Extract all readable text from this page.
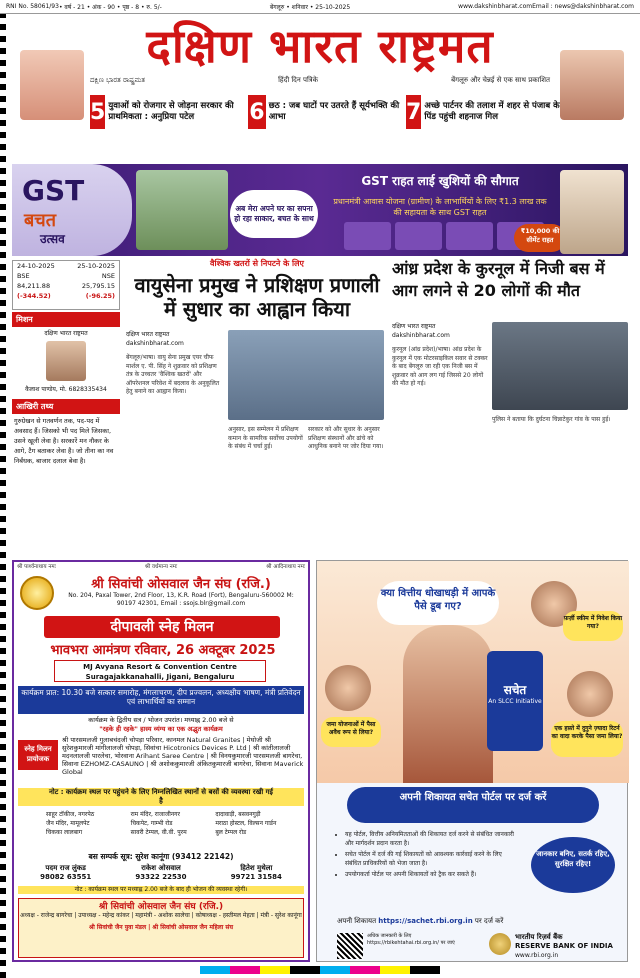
RNI No. 58061/93 • वर्ष - 21 • अंक - 90 • पृष्ठ - 8 • रु. 5/-	बेंगलूरु • शनिवार • 25-10-2025	www.dakshinbharat.com Email : news@dakshinbharat.com
दक्षिण भारत राष्ट्रमत
ದಕ್ಷಿಣ ಭಾರತ ರಾಷ್ಟ್ರಮತ	हिंदी दिन पत्रिके	बेंगलूरु और चेन्नई से एक साथ प्रकाशित
5 युवाओं को रोजगार से जोड़ना सरकार की प्राथमिकता : अनुप्रिया पटेल	6 छठ : जब घाटों पर उतरते हैं सूर्यभक्ति की आभा	7 अच्छे पार्टनर की तलाश में शहर से पंजाब के पिंड पहुंची शहनाज गिल
GST
बचत
उत्सव
अब मेरा अपने घर का सपना हो रहा साकार, बचत के साथ
GST राहत लाई खुशियों की सौगात
प्रधानमंत्री आवास योजना (ग्रामीण) के लाभार्थियों के लिए ₹1.3 लाख तक की सहायता के साथ GST राहत
₹10,000 की सीमेंट राहत
24-10-2025	25-10-2025
BSE	NSE
84,211.88	25,795.15
(-344.52)	(-96.25)
मिशन
दक्षिण भारत राष्ट्रमत
कैलाश पाण्डेय, मो. 6828335434
आखिरी तथ्य
गुरुग्रेखन से गतवर्णन तक, पद-पद में अवसाद हैं। जिसको भी पद मिले जिसका, उसने खूली लेवा है। सरकारें मन नौकर के आगे, टैग बताकर लेवा है। जो तीना का नव निर्बंधक, बाजार दलाल बेवा है।
वैश्विक खतरों से निपटने के लिए
वायुसेना प्रमुख ने प्रशिक्षण प्रणाली में सुधार का आह्वान किया
दक्षिण भारत राष्ट्रमत dakshinbharat.com
बेंगलूरु/भाषा। वायु सेना प्रमुख एयर चीफ मार्शल ए. पी. सिंह ने शुक्रवार को प्रशिक्षण तंत्र के उच्चतर 'वैश्विक खतरों' और ऑपरेशनल परिवेश में बदलाव के अनुकूलित हेतु बनाने का आह्वान किया।
अनुसार, इस सम्मेलन में प्रशिक्षण कमान के सामरिक सर्वोच्च उपयोगों के संबंध में चर्चा हुई।
सरकार को और सुधार के अनुसार प्रशिक्षण संस्थानों और ढांचे को आधुनिक बनाने पर जोर दिया गया।
आंध्र प्रदेश के कुरनूल में निजी बस में आग लगने से 20 लोगों की मौत
दक्षिण भारत राष्ट्रमत dakshinbharat.com
कुरनूल (आंध्र प्रदेश)/भाषा। आंध्र प्रदेश के कुरनूल में एक मोटरसाइकिल सवार से टक्कर के बाद बेंगलूरु जा रही एक निजी बस में शुक्रवार को आग लग गई जिससे 20 लोगों की मौत हो गई।
पुलिस ने बताया कि दुर्घटना चिन्नाटेकुर गांव के पास हुई।
श्री पार्श्वनाथाय नमः	श्री वर्धमान्य नमः	श्री आदिनाथाय नमः
श्री सिवांची ओसवाल जैन संघ (रजि.)
No. 204, Paxal Tower, 2nd Floor, 13, K.R. Road (Fort), Bengaluru-560002 M: 90197 42301, Email : ssojs.blr@gmail.com
दीपावली स्नेह मिलन
भावभरा आमंत्रण रविवार, 26 अक्टूबर 2025
MJ Avyana Resort & Convention Centre Suragajakkanahalli, Jigani, Bengaluru
कार्यक्रम प्रात: 10.30 बजे सत्कार समारोह, मंगलाचरण, दीप प्रज्वलन, अध्यक्षीय भाषण, मंत्री प्रतिवेदन एवं लाभार्थियों का सम्मान
कार्यक्रम के द्वितीय सत्र / भोजन उपरांत। मध्याह्न 2.00 बजे से
"रहके ही रहके" हास्य व्यंग्य का एक अद्भुत कार्यक्रम
स्नेह मिलन प्रायोजक
श्री पारसमलजी गुलाबचंदजी चोपड़ा परिवार, कानमल Natural Granites | मेघोजी श्री सुरेशकुमारजी मांगीलालजी चोपड़ा, सिवांचा Hicotronics Devices P. Ltd | श्री कांतीलालजी मदनलालजी पारलेचा, भोरवाना Arihant Saree Centre | श्री विनयकुमारजी पारसमलजी बागरेचा, सिवाना EZHOMZ-CASAUNO | श्री अशोककुमारजी अंकितकुमारजी बागरेचा, सिवाना Maverick Global
नोट : कार्यक्रम स्थल पर पहुंचने के लिए निम्नलिखित स्थानों से बसों की व्यवस्था रखी गई है
साहूर टॉकीज, नगरपेठ	राम मंदिर, राजाजीनगर	दादावाड़ी, बसवनगुड़ी
जैन मंदिर, मामूलपेट	चिकपेट, गाम्भी रोड	मराठा होस्टल, विल्सन गार्डन
चिकका लालबाग	सावरी टेम्पल, वी.वी. पुरम	बुल टेम्पल रोड
बस सम्पर्क सूत्र: सुरेश कानूंगा (93412 22142)
पदम राज लुंकड
98082 63551
राकेश ओसवाल
93322 22530
हितेश मुथेला
99721 31584
नोट : कार्यक्रम स्थल पर मध्याह्न 2.00 बजे के बाद ही भोजन की व्यवस्था रहेगी।
श्री सिवांची ओसवाल जैन संघ (रजि.)
अध्यक्ष - राजेन्द्र बागरेचा | उपाध्यक्ष - महेन्द्र कांकर | महामंत्री - अशोक सालेचा | कोषाध्यक्ष - हस्तीमल मेहता | मंत्री - सुरेश कानूंगा
श्री सिवांची जैन युवा मंडल | श्री सिवांची ओसवाल जैन महिला संघ
क्या वित्तीय धोखाधड़ी में आपके पैसे डूब गए?
सचेत
An SLCC Initiative
फ़र्ज़ी स्कीम में निवेश किया गया?
जमा योजनाओं में पैसा अवैध रूप से लिया?
एक हफ़्ते में दुगुने ज़्यादा रिटर्न का वादा करके पैसा जमा लिया?
अपनी शिकायत सचेत पोर्टल पर दर्ज करें
• यह पोर्टल, वित्तीय अनियमितताओं की शिकायत दर्ज करने से संबंधित जानकारी और मार्गदर्शन प्रदान करता है।
• सचेत पोर्टल में दर्ज की गई शिकायतों को आवश्यक कार्रवाई करने के लिए संबंधित प्राधिकरियों को भेजा जाता है।
• उपयोगकर्ता पोर्टल पर अपनी शिकायतों को ट्रैक कर सकते हैं।
जानकार बनिए, सतर्क रहिए, सुरक्षित रहिए!
अपनी शिकायत https://sachet.rbi.org.in पर दर्ज करें
अधिक जानकारी के लिए https://rbikehtahai.rbi.org.in/ पर जाएं
भारतीय रिज़र्व बैंक
RESERVE BANK OF INDIA
www.rbi.org.in
